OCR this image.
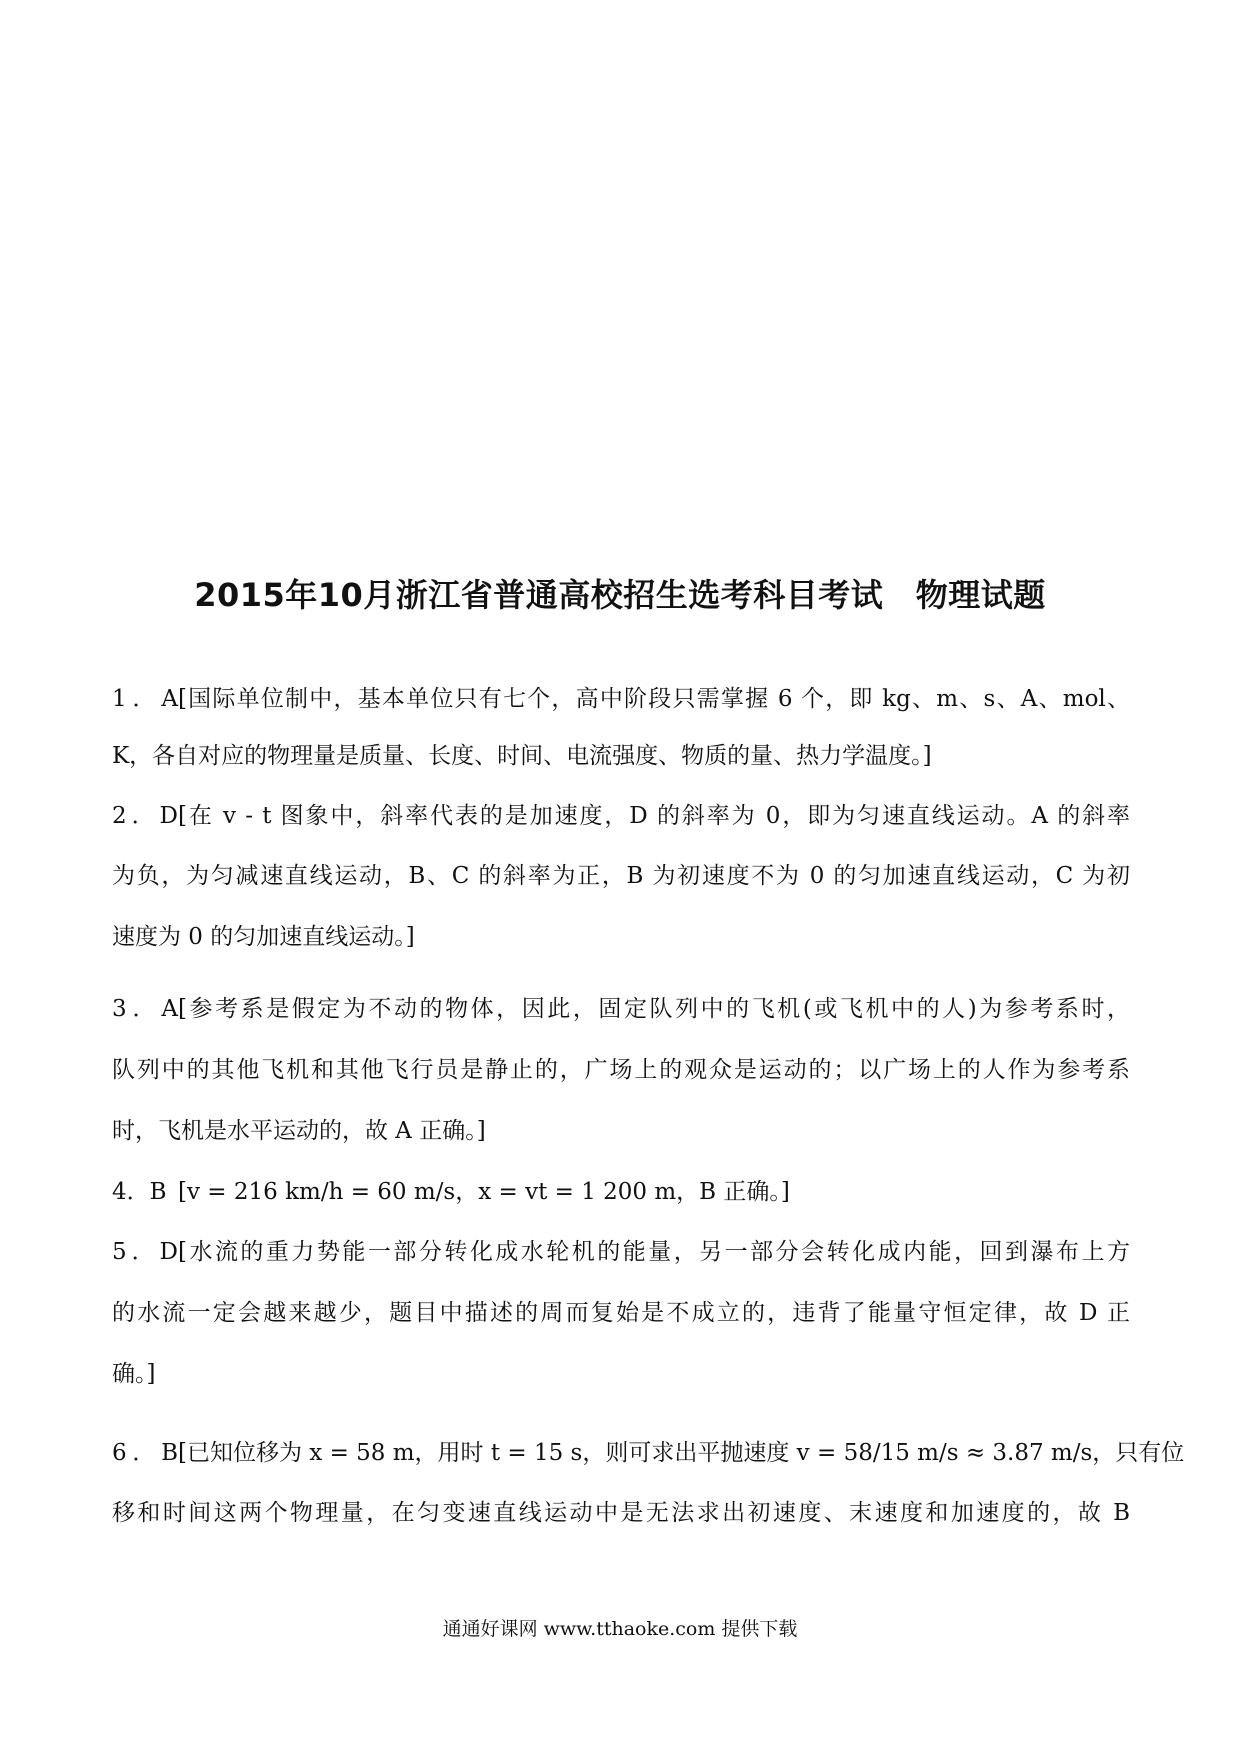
2015年10月浙江省普通高校招生选考科目考试　物理试题
1．A[国际单位制中，基本单位只有七个，高中阶段只需掌握 6 个，即 kg、m、s、A、mol、
K，各自对应的物理量是质量、长度、时间、电流强度、物质的量、热力学温度。]
2．D[在 v - t 图象中，斜率代表的是加速度，D 的斜率为 0，即为匀速直线运动。A 的斜率
为负，为匀减速直线运动，B、C 的斜率为正，B 为初速度不为 0 的匀加速直线运动，C 为初
速度为 0 的匀加速直线运动。]
3．A[参考系是假定为不动的物体，因此，固定队列中的飞机(或飞机中的人)为参考系时，
队列中的其他飞机和其他飞行员是静止的，广场上的观众是运动的；以广场上的人作为参考系
时，飞机是水平运动的，故 A 正确。]
4．B [v = 216 km/h = 60 m/s，x = vt = 1 200 m，B 正确。]
5．D[水流的重力势能一部分转化成水轮机的能量，另一部分会转化成内能，回到瀑布上方
的水流一定会越来越少，题目中描述的周而复始是不成立的，违背了能量守恒定律，故 D 正
确。]
6．B[已知位移为 x = 58 m，用时 t = 15 s，则可求出平抛速度 v = 58/15 m/s ≈ 3.87 m/s，只有位
移和时间这两个物理量，在匀变速直线运动中是无法求出初速度、末速度和加速度的，故 B
通通好课网 www.tthaoke.com 提供下载
